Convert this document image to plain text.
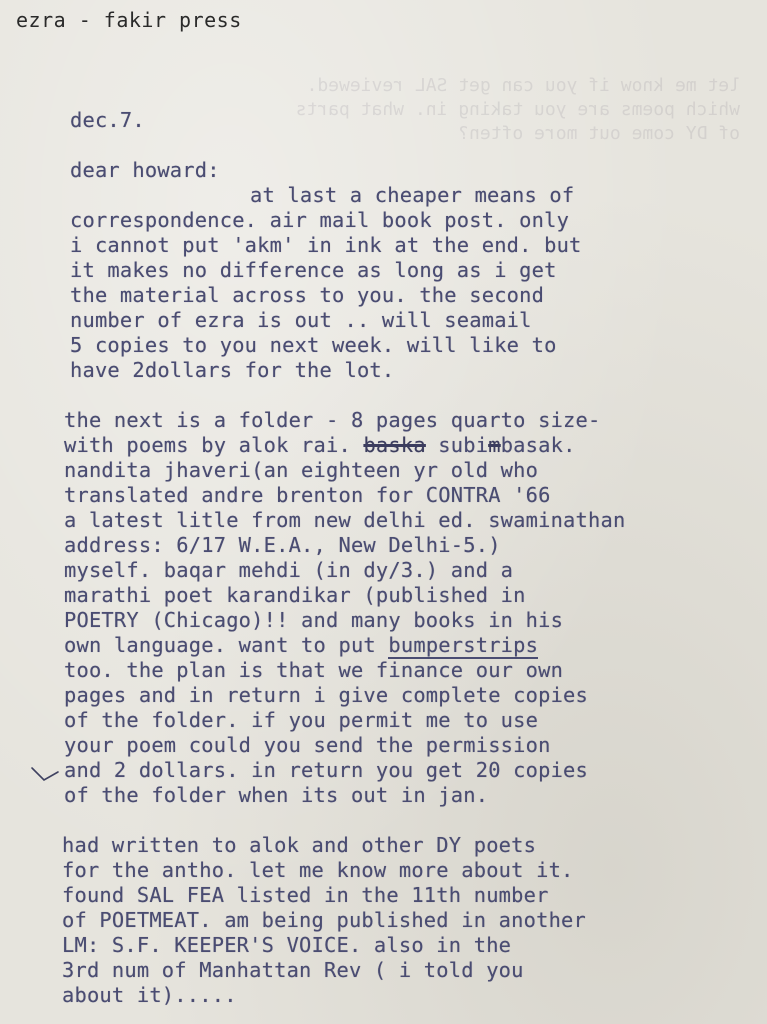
let me know if you can get SAL reviewed.
which poems are you taking in. what parts
of DY come out more often?
ezra - fakir press
dec.7.
dear howard:
at last a cheaper means of
correspondence. air mail book post. only
i cannot put 'akm' in ink at the end. but
it makes no difference as long as i get
the material across to you. the second
number of ezra is out .. will seamail
5 copies to you next week. will like to
have 2dollars for the lot.
the next is a folder - 8 pages quarto size-
with poems by alok rai. baska subimbasak.
nandita jhaveri(an eighteen yr old who
translated andre brenton for CONTRA '66
a latest litle from new delhi ed. swaminathan
address: 6/17 W.E.A., New Delhi-5.)
myself. baqar mehdi (in dy/3.) and a
marathi poet karandikar (published in
POETRY (Chicago)!! and many books in his
own language. want to put bumperstrips
too. the plan is that we finance our own
pages and in return i give complete copies
of the folder. if you permit me to use
your poem could you send the permission
and 2 dollars. in return you get 20 copies
of the folder when its out in jan.
had written to alok and other DY poets
for the antho. let me know more about it.
found SAL FEA listed in the 11th number
of POETMEAT. am being published in another
LM: S.F. KEEPER'S VOICE. also in the
3rd num of Manhattan Rev ( i told you
about it).....
